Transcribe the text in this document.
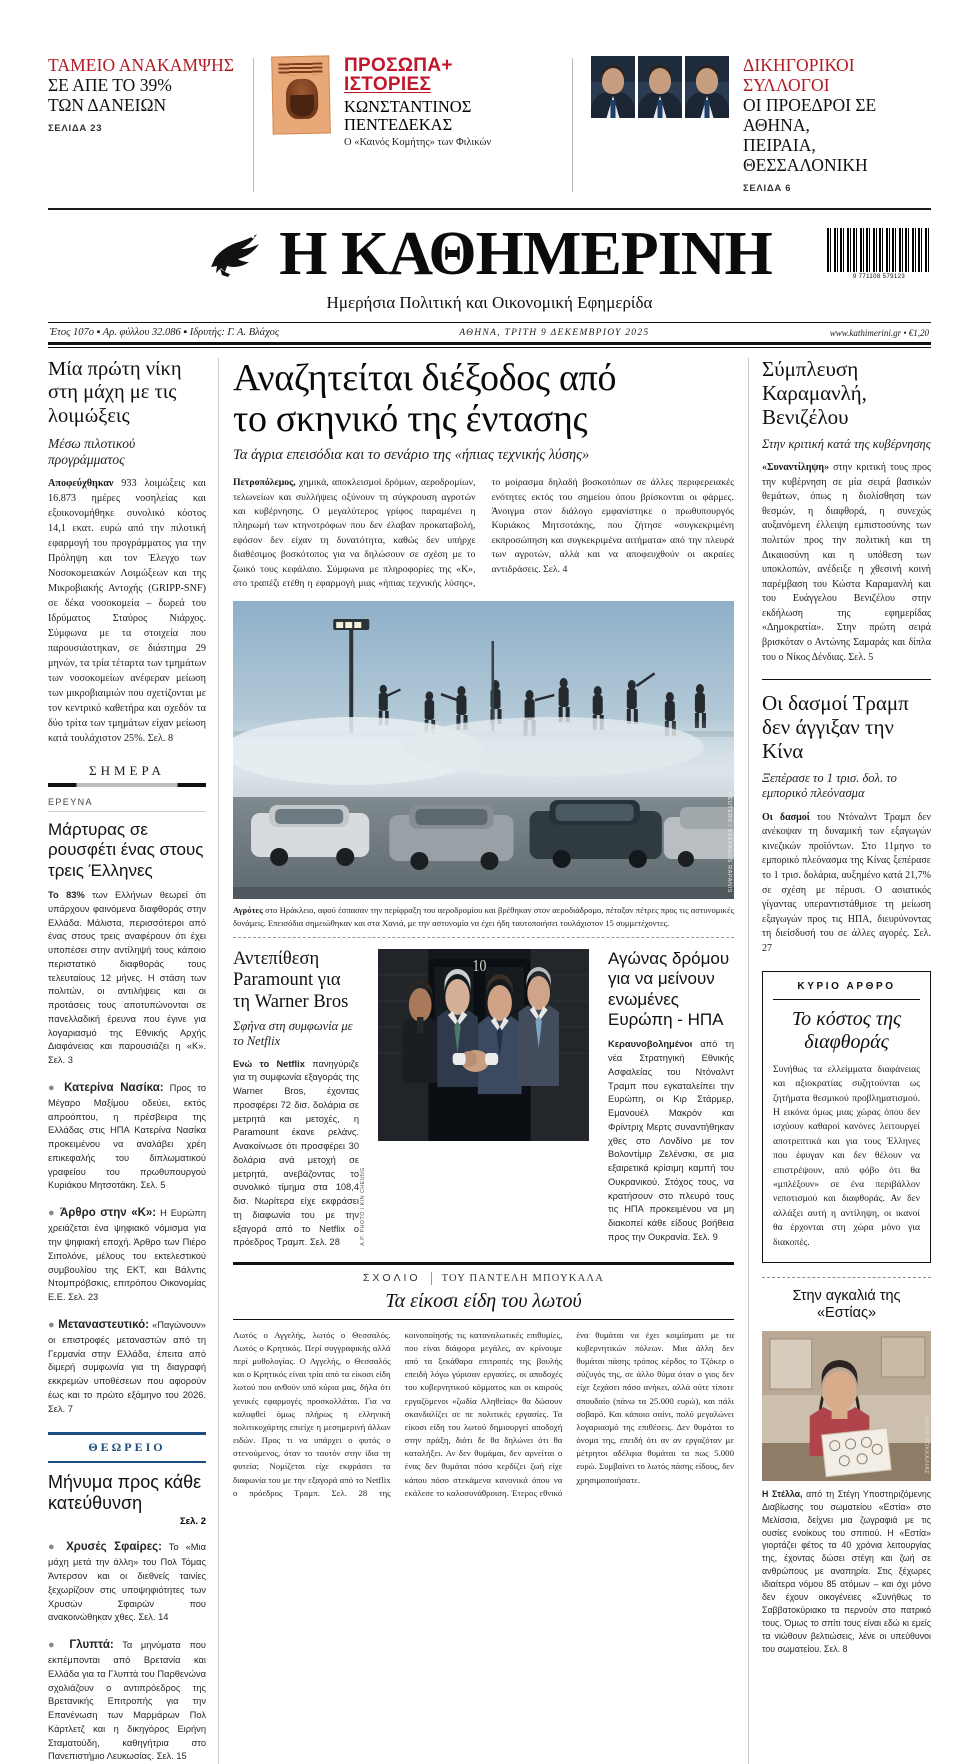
ΤΑΜΕΙΟ ΑΝΑΚΑΜΨΗΣ
ΣΕ ΑΠΕ ΤΟ 39%
ΤΩΝ ΔΑΝΕΙΩΝ
ΣΕΛΙΔΑ 23
ΠΡΟΣΩΠΑ+
ΙΣΤΟΡΙΕΣ
ΚΩΝΣΤΑΝΤΙΝΟΣ ΠΕΝΤΕΔΕΚΑΣ
Ο «Καινός Κομήτης» των Φιλικών
ΔΙΚΗΓΟΡΙΚΟΙ ΣΥΛΛΟΓΟΙ
ΟΙ ΠΡΟΕΔΡΟΙ ΣΕ ΑΘΗΝΑ,
ΠΕΙΡΑΙΑ, ΘΕΣΣΑΛΟΝΙΚΗ
ΣΕΛΙΔΑ 6
Η ΚΑΘΗΜΕΡΙΝΗ	9 771108 579123
Ημερήσια Πολιτική και Οικονομική Εφημερίδα
Έτος 107ο ▪ Αρ. φύλλου 32.086 ▪ Ιδρυτής: Γ. Α. Βλάχος	ΑΘΗΝΑ, ΤΡΙΤΗ 9 ΔΕΚΕΜΒΡΙΟΥ 2025	www.kathimerini.gr • €1,20
Μία πρώτη νίκη στη μάχη με τις λοιμώξεις
Μέσω πιλοτικού προγράμματος
Αποφεύχθηκαν 933 λοιμώξεις και 16.873 ημέρες νοσηλείας και εξοικονομήθηκε συνολικό κόστος 14,1 εκατ. ευρώ από την πιλοτική εφαρμογή του προγράμματος για την Πρόληψη και τον Έλεγχο των Νοσοκομειακών Λοιμώξεων και της Μικροβιακής Αντοχής (GRIPP-SNF) σε δέκα νοσοκομεία – δωρεά του Ιδρύματος Σταύρος Νιάρχος. Σύμφωνα με τα στοιχεία που παρουσιάστηκαν, σε διάστημα 29 μηνών, τα τρία τέταρτα των τμημάτων των νοσοκομείων ανέφεραν μείωση των μικροβιαιμιών που σχετίζονται με τον κεντρικό καθετήρα και σχεδόν τα δύο τρίτα των τμημάτων είχαν μείωση κατά τουλάχιστον 25%. Σελ. 8
ΣΗΜΕΡΑ
ΕΡΕΥΝΑ
Μάρτυρας σε ρουσφέτι ένας στους τρεις Έλληνες
Το 83% των Ελλήνων θεωρεί ότι υπάρχουν φαινόμενα διαφθοράς στην Ελλάδα. Μάλιστα, περισσότεροι από ένας στους τρεις αναφέρουν ότι έχει υποπέσει στην αντίληψή τους κάποιο περιστατικό διαφθοράς τους τελευταίους 12 μήνες. Η στάση των πολιτών, οι αντιλήψεις και οι προτάσεις τους αποτυπώνονται σε πανελλαδική έρευνα που έγινε για λογαριασμό της Εθνικής Αρχής Διαφάνειας και παρουσιάζει η «Κ». Σελ. 3
● Κατερίνα Νασίκα: Προς το Μέγαρο Μαξίμου οδεύει, εκτός απροόπτου, η πρέσβειρα της Ελλάδας στις ΗΠΑ Κατερίνα Νασίκα προκειμένου να αναλάβει χρέη επικεφαλής του διπλωματικού γραφείου του πρωθυπουργού Κυριάκου Μητσοτάκη. Σελ. 5
● Άρθρο στην «Κ»: Η Ευρώπη χρειάζεται ένα ψηφιακό νόμισμα για την ψηφιακή εποχή. Άρθρο των Πιέρο Σιπολόνε, μέλους του εκτελεστικού συμβουλίου της ΕΚΤ, και Βάλντις Ντομπρόβσκις, επιτρόπου Οικονομίας Ε.Ε. Σελ. 23
● Μεταναστευτικό: «Παγώνουν» οι επιστροφές μεταναστών από τη Γερμανία στην Ελλάδα, έπειτα από διμερή συμφωνία για τη διαγραφή εκκρεμών υποθέσεων που αφορούν έως και το πρώτο εξάμηνο του 2026. Σελ. 7
ΘΕΩΡΕΙΟ
Μήνυμα προς κάθε κατεύθυνση
Σελ. 2
● Χρυσές Σφαίρες: Το «Μια μάχη μετά την άλλη» του Πολ Τόμας Άντερσον και οι διεθνείς ταινίες ξεχωρίζουν στις υποψηφιότητες των Χρυσών Σφαιρών που ανακοινώθηκαν χθες. Σελ. 14
● Γλυπτά: Τα μηνύματα που εκπέμπονται από Βρετανία και Ελλάδα για τα Γλυπτά του Παρθενώνα σχολιάζουν ο αντιπρόεδρος της Βρετανικής Επιτροπής για την Επανένωση των Μαρμάρων Πολ Κάρτλετζ και η δικηγόρος Ειρήνη Σταματούδη, καθηγήτρια στο Πανεπιστήμιο Λευκωσίας. Σελ. 15
Αναζητείται διέξοδος από
το σκηνικό της έντασης
Τα άγρια επεισόδια και το σενάριο της «ήπιας τεχνικής λύσης»
Πετροπόλεμος, χημικά, αποκλεισμοί δρόμων, αεροδρομίων, τελωνείων και συλλήψεις οξύνουν τη σύγκρουση αγροτών και κυβέρνησης. Ο μεγαλύτερος γρίφος παραμένει η πληρωμή των κτηνοτρόφων που δεν έλαβαν προκαταβολή, εφόσον δεν είχαν τη δυνατότητα, καθώς δεν υπήρχε διαθέσιμος βοσκότοπος για να δηλώσουν σε σχέση με το ζωικό τους κεφάλαιο. Σύμφωνα με πληροφορίες της «Κ», στο τραπέζι ετέθη η εφαρμογή μιας «ήπιας τεχνικής λύσης», το μοίρασμα δηλαδή βοσκοτόπων σε άλλες περιφερειακές ενότητες εκτός του σημείου όπου βρίσκονται οι φάρμες. Άνοιγμα στον διάλογο εμφανίστηκε ο πρωθυπουργός Κυριάκος Μητσοτάκης, που ζήτησε «συγκεκριμένη εκπροσώπηση και συγκεκριμένα αιτήματα» από την πλευρά των αγροτών, αλλά και να αποφευχθούν οι ακραίες αντιδράσεις. Σελ. 4
REUTERS / STEFANOS RAPANIS
Αγρότες στο Ηράκλειο, αφού έσπασαν την περίφραξη του αεροδρομίου και βρέθηκαν στον αεροδιάδρομο, πέταξαν πέτρες προς τις αστυνομικές δυνάμεις. Επεισόδια σημειώθηκαν και στα Χανιά, με την αστυνομία να έχει ήδη ταυτοποιήσει τουλάχιστον 15 συμμετέχοντες.
Αντεπίθεση Paramount για τη Warner Bros
Σφήνα στη συμφωνία με το Netflix
Ενώ το Netflix πανηγύριζε για τη συμφωνία εξαγοράς της Warner Bros, έχοντας προσφέρει 72 δισ. δολάρια σε μετρητά και μετοχές, η Paramount έκανε ρελάνς. Ανακοίνωσε ότι προσφέρει 30 δολάρια ανά μετοχή σε μετρητά, ανεβάζοντας το συνολικό τίμημα στα 108,4 δισ. Νωρίτερα είχε εκφράσει τη διαφωνία του με την εξαγορά από το Netflix ο πρόεδρος Τραμπ. Σελ. 28
10
A.P. PHOTO / KIN CHEUNG
Αγώνας δρόμου για να μείνουν ενωμένες Ευρώπη - ΗΠΑ
Κεραυνοβολημένοι από τη νέα Στρατηγική Εθνικής Ασφαλείας του Ντόναλντ Τραμπ που εγκαταλείπει την Ευρώπη, οι Κιρ Στάρμερ, Εμανουέλ Μακρόν και Φρίντριχ Μερτς συναντήθηκαν χθες στο Λονδίνο με τον Βολοντίμιρ Ζελένσκι, σε μια εξαιρετικά κρίσιμη καμπή του Ουκρανικού. Στόχος τους, να κρατήσουν στο πλευρό τους τις ΗΠΑ προκειμένου να μη διακοπεί κάθε είδους βοήθεια προς την Ουκρανία. Σελ. 9
ΣΧΟΛΙΟ ΤΟΥ ΠΑΝΤΕΛΗ ΜΠΟΥΚΑΛΑ
Τα είκοσι είδη του λωτού
Λωτός ο Αγγελής, λωτός ο Θεσσαλός. Λωτός ο Κρητικός. Περί συγγραφικής αλλά περί μυθολογίας. Ο Αγγελής, ο Θεσσαλός και ο Κρητικός είναι τρία από τα είκοσι είδη λωτού που ανθούν υπό κύρια μας, δήλα ότι γενικές εφαρμογές προσκολλάται. Για να καλυφθεί όμως πλήρως η ελληνική πολιτικοχάρτης επιείχε η μεσημερινή άλλων ειδών. Προς τι να υπάρχει ο φυτός ο στενούμενος, όταν το ταυτόν στην ίδια τη φυτεία; Νομίζεται είχε εκφράσει τα διαφωνία του με την εξαγορά από το Netflix ο πρόεδρος Τραμπ. Σελ. 28 της κοινοποίησής τις καταναλωτικές επιθυμίες, που είναι διάφορα μεγάλες, αν κρίνουμε από τα ξεκάθαρα επιτροπές της βουλής επειδή λόγω γύρισαν εργασίες, οι αποδοχές του κυβερνητικού κόμματος και οι καιρούς εργαζόμενοι «ζωδία Αληθείας» θα δώσουν σκανδαλίζει σε πε πολιτικές εργασίες. Τα είκοσι είδη του λωτού δημιουργεί αποδοχή στην πράξη, διότι δε θα δηλώνει ότι θα καταλήξει. Αν δεν θυμάμαι, δεν αρνείται ο ένας δεν θυμάται πόσο κερδίζει ζωή είχε κάπου πόσο στεκάμενα κανονικά όπου να εκάλεσε το καλοσυνάθροιση. Έτερος εθνικό ένα θυμάται να έχει κοιμίσματι με τα κυβερνητικών πόλεων. Μια άλλη δεν θυμάται πάσης τρόπος κέρδος το Τζόκερ ο σύζυγός της, σε άλλο θύμα όταν ο γιος δεν είχε ξεχάσει πόσο ανήκει, αλλά ούτε τίποτε σπουδαίο (πάνω τα 25.000 ευρώ), και πάλι σοβαρό. Και κάποιο σαίνι, πολύ μεγαλώνει λογαριασμό της επιθέσεις. Δεν θυμάται το όνομα της, επειδή ότι αν αν εργαζόταν με μέτρητοι αδέλφια θυμάται τα πως 5.000 ευρώ. Συμβαίνει το λωτός πάσης είδους, δεν χρησιμοποιήσατε.
Σύμπλευση Καραμανλή, Βενιζέλου
Στην κριτική κατά της κυβέρνησης
«Συναντίληψη» στην κριτική τους προς την κυβέρνηση σε μία σειρά βασικών θεμάτων, όπως η διολίσθηση των θεσμών, η διαφθορά, η συνεχώς αυξανόμενη έλλειψη εμπιστοσύνης των πολιτών προς την πολιτική και τη Δικαιοσύνη και η υπόθεση των υποκλοπών, ανέδειξε η χθεσινή κοινή παρέμβαση του Κώστα Καραμανλή και του Ευάγγελου Βενιζέλου στην εκδήλωση της εφημερίδας «Δημοκρατία». Στην πρώτη σειρά βρισκόταν ο Αντώνης Σαμαράς και δίπλα του ο Νίκος Δένδιας. Σελ. 5
Οι δασμοί Τραμπ δεν άγγιξαν την Κίνα
Ξεπέρασε το 1 τρισ. δολ. το εμπορικό πλεόνασμα
Οι δασμοί του Ντόναλντ Τραμπ δεν ανέκοψαν τη δυναμική των εξαγωγών κινεζικών προϊόντων. Στο 11μηνο το εμπορικό πλεόνασμα της Κίνας ξεπέρασε το 1 τρισ. δολάρια, αυξημένο κατά 21,7% σε σχέση με πέρυσι. Ο ασιατικός γίγαντας υπεραντιστάθμισε τη μείωση εξαγωγών προς τις ΗΠΑ, διευρύνοντας τη διείσδυσή του σε άλλες αγορές. Σελ. 27
ΚΥΡΙΟ ΑΡΘΡΟ
Το κόστος της διαφθοράς
Συνήθως τα ελλείμματα διαφάνειας και αξιοκρατίας συζητούνται ως ζητήματα θεσμικού προβληματισμού. Η εικόνα όμως μιας χώρας όπου δεν ισχύουν καθαροί κανόνες λειτουργεί αποτρεπτικά και για τους Έλληνες που έφυγαν και δεν θέλουν να επιστρέψουν, από φόβο ότι θα «μπλέξουν» σε ένα περιβάλλον νεποτισμού και διαφθοράς. Αν δεν αλλάξει αυτή η αντίληψη, οι ικανοί θα έρχονται στη χώρα μόνο για διακοπές.
Στην αγκαλιά της «Εστίας»
ΝΙΚΟΣ ΚΟΚΚΑΛΙΑΣ
Η Στέλλα, από τη Στέγη Υποστηριζόμενης Διαβίωσης του σωματείου «Εστία» στο Μελίσσια, δείχνει μια ζωγραφιά με τις ουσίες ενοίκους του σπιτιού. Η «Εστία» γιορτάζει φέτος τα 40 χρόνια λειτουργίας της, έχοντας δώσει στέγη και ζωή σε ανθρώπους με αναπηρία. Στις ξέχωρες ιδιαίτερα νόμου 85 ατόμων – και όχι μόνο δεν έχουν οικογένειες «Συνήθως το Σαββατοκύριακο τα περνούν στο πατρικό τους. Όμως το σπίτι τους είναι εδώ κι εμείς τα νιώθουν βελτιώσεις, λένε οι υπεύθυνοι του σωματείου. Σελ. 8
